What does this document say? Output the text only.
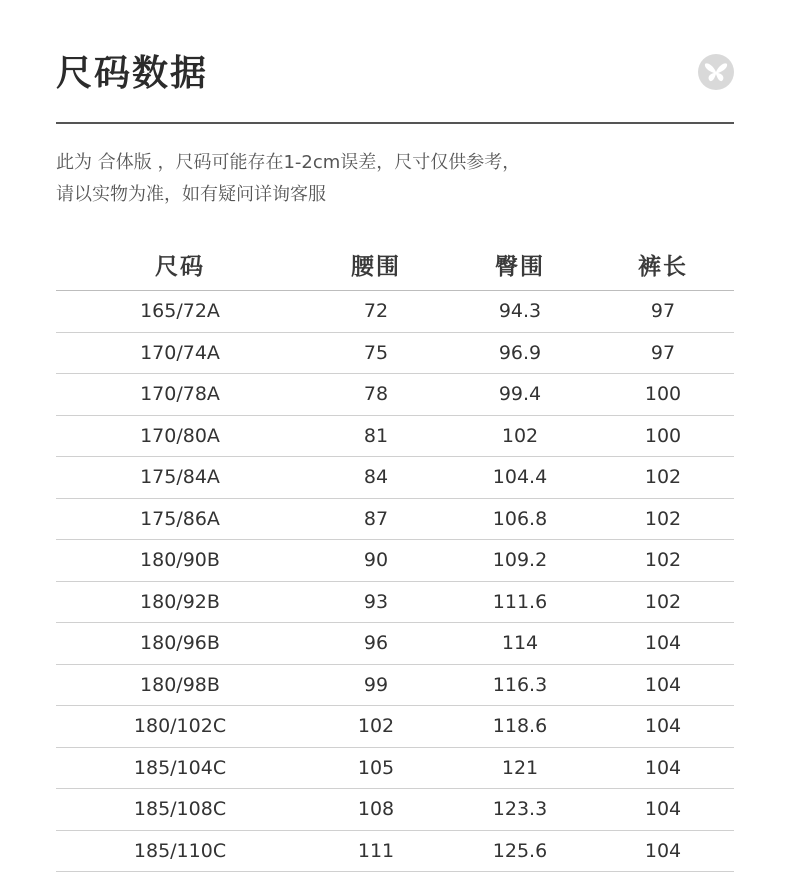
尺码数据

此为 合体版 ，尺码可能存在1-2cm误差，尺寸仅供参考，

请以实物为准，如有疑问详询客服

尺码	腰围	臀围	裤长
165/72A	72	94.3	97
170/74A	75	96.9	97
170/78A	78	99.4	100
170/80A	81	102	100
175/84A	84	104.4	102
175/86A	87	106.8	102
180/90B	90	109.2	102
180/92B	93	111.6	102
180/96B	96	114	104
180/98B	99	116.3	104
180/102C	102	118.6	104
185/104C	105	121	104
185/108C	108	123.3	104
185/110C	111	125.6	104
